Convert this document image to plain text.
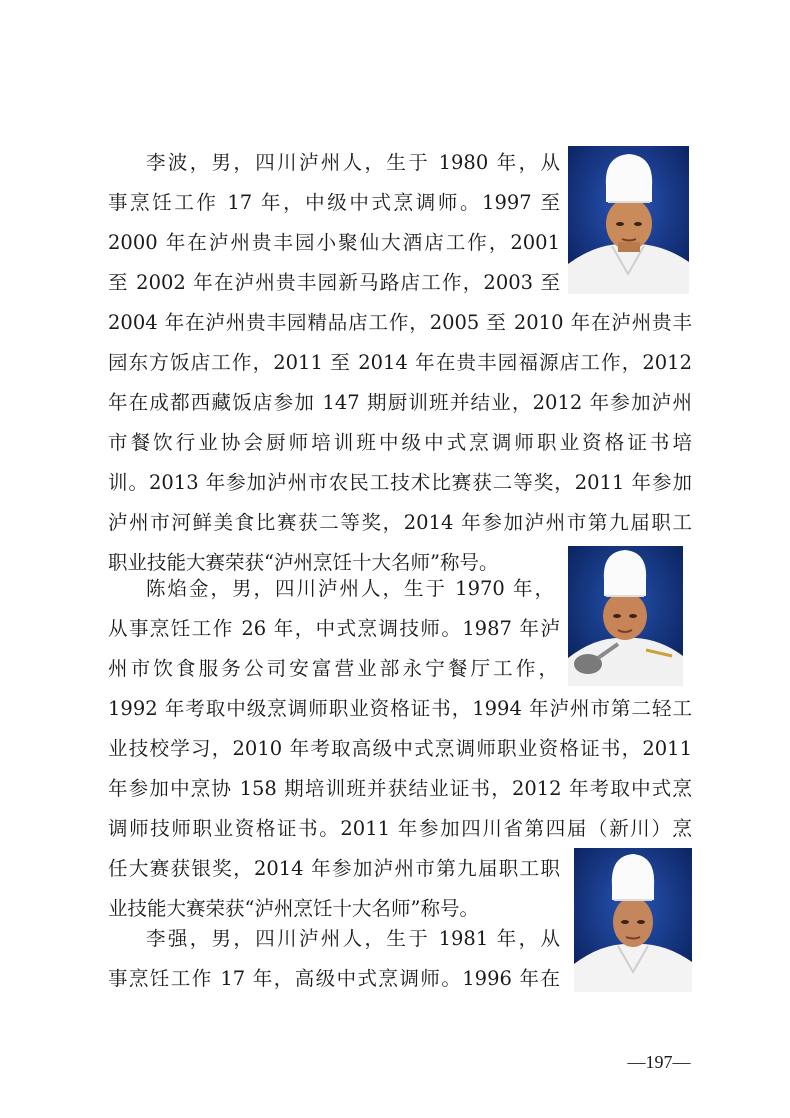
李波，男，四川泸州人，生于 1980 年，从
事烹饪工作 17 年，中级中式烹调师。1997 至
2000 年在泸州贵丰园小聚仙大酒店工作，2001
至 2002 年在泸州贵丰园新马路店工作，2003 至
2004 年在泸州贵丰园精品店工作，2005 至 2010 年在泸州贵丰
园东方饭店工作，2011 至 2014 年在贵丰园福源店工作，2012
年在成都西藏饭店参加 147 期厨训班并结业，2012 年参加泸州
市餐饮行业协会厨师培训班中级中式烹调师职业资格证书培
训。2013 年参加泸州市农民工技术比赛获二等奖，2011 年参加
泸州市河鲜美食比赛获二等奖，2014 年参加泸州市第九届职工
职业技能大赛荣获“泸州烹饪十大名师”称号。
陈焰金，男，四川泸州人，生于 1970 年，
从事烹饪工作 26 年，中式烹调技师。1987 年泸
州市饮食服务公司安富营业部永宁餐厅工作，
1992 年考取中级烹调师职业资格证书，1994 年泸州市第二轻工
业技校学习，2010 年考取高级中式烹调师职业资格证书，2011
年参加中烹协 158 期培训班并获结业证书，2012 年考取中式烹
调师技师职业资格证书。2011 年参加四川省第四届（新川）烹
任大赛获银奖，2014 年参加泸州市第九届职工职
业技能大赛荣获“泸州烹饪十大名师”称号。
李强，男，四川泸州人，生于 1981 年，从
事烹饪工作 17 年，高级中式烹调师。1996 年在
—197—
